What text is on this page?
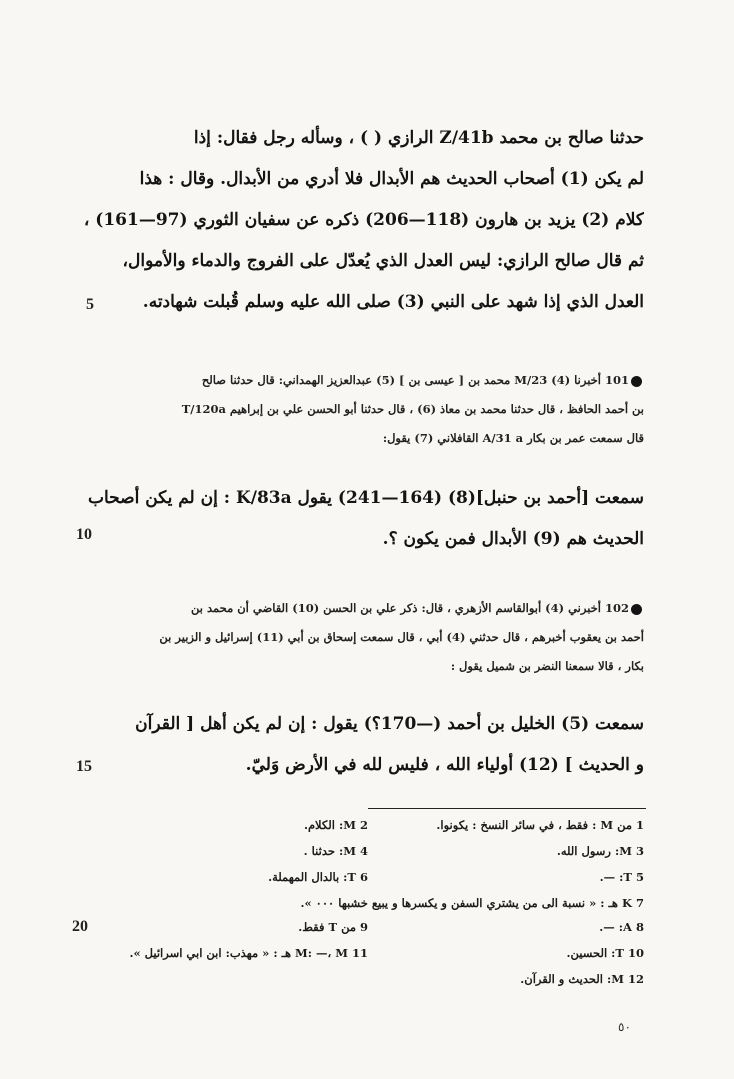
5
10
15
20
حدثنا صالح بن محمد Z/41b الرازي ( ) ، وسأله رجل فقال: إذا
لم يكن (1) أصحاب الحديث هم الأبدال فلا أدري من الأبدال. وقال : هذا
كلام (2) يزيد بن هارون (118—206) ذكره عن سفيان الثوري (97—161) ،
ثم قال صالح الرازي: ليس العدل الذي يُعدّل على الفروج والدماء والأموال،
العدل الذي إذا شهد على النبي (3) صلى الله عليه وسلم قُبلت شهادته.
101 أخبرنا (4) M/23 محمد بن [ عيسى بن ] (5) عبدالعزيز الهمداني: قال حدثنا صالح
بن أحمد الحافظ ، قال حدثنا محمد بن معاذ (6) ، قال حدثنا أبو الحسن علي بن إبراهيم T/120a
قال سمعت عمر بن بكار A/31 a القافلاني (7) يقول:
سمعت [أحمد بن حنبل](8) (164—241) يقول K/83a : إن لم يكن أصحاب
الحديث هم (9) الأبدال فمن يكون ؟.
102 أخبرني (4) أبوالقاسم الأزهري ، قال: ذكر علي بن الحسن (10) القاضي أن محمد بن
أحمد بن يعقوب أخبرهم ، قال حدثني (4) أبي ، قال سمعت إسحاق بن أبي (11) إسرائيل و الزبير بن
بكار ، قالا سمعنا النضر بن شميل يقول :
سمعت (5) الخليل بن أحمد (—170؟) يقول : إن لم يكن أهل [ القرآن
و الحديث ] (12) أولياء الله ، فليس لله في الأرض وَليّ.
1 من M : فقط ، في سائر النسخ : يكونوا.
2 M: الكلام.
3 M: رسول الله.
4 M: حدثنا .
5 T: —.
6 T: بالدال المهملة.
7 K هـ : « نسبة الى من يشتري السفن و يكسرها و يبيع خشبها ٠٠٠ ».
8 A: —.
9 من T فقط.
10 T: الحسين.
11 M: —، M هـ : « مهذب: ابن ابي اسرائيل ».
12 M: الحديث و القرآن.
٥٠
